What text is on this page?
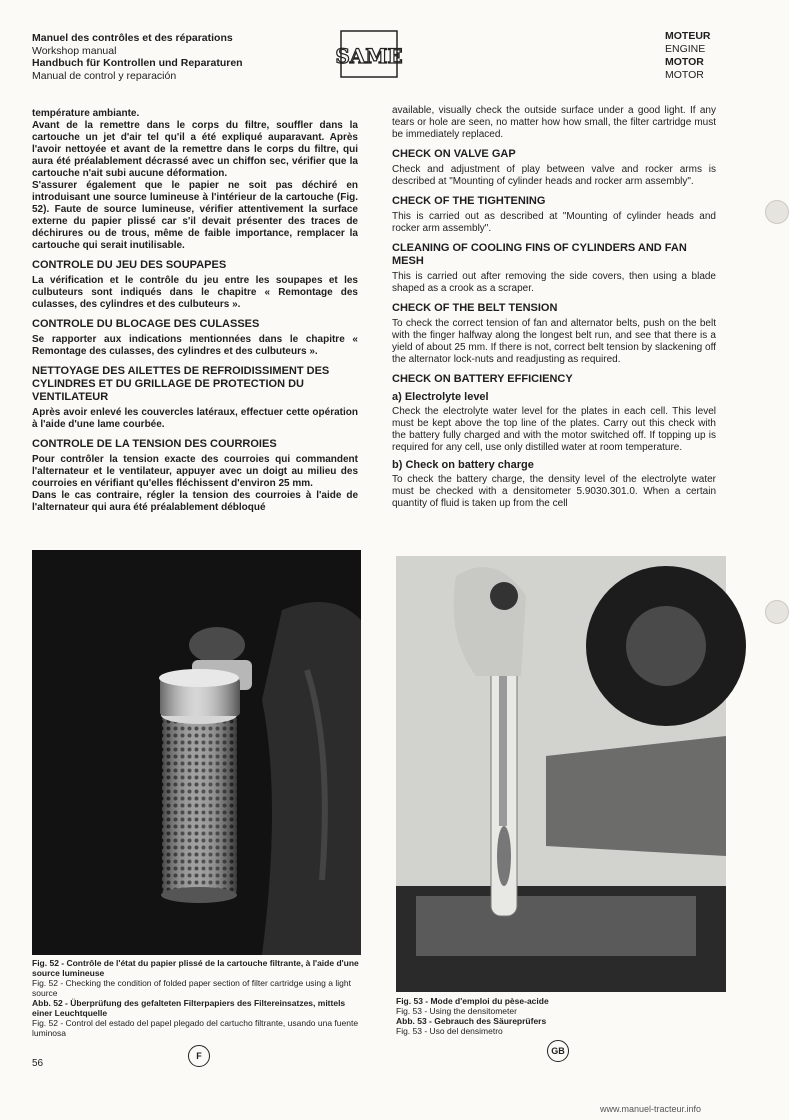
Manuel des contrôles et des réparations
Workshop manual
Handbuch für Kontrollen und Reparaturen
Manual de control y reparación
SAME
MOTEUR
ENGINE
MOTOR
MOTOR

température ambiante.

Avant de la remettre dans le corps du filtre, souffler dans la cartouche un jet d'air tel qu'il a été expliqué auparavant. Après l'avoir nettoyée et avant de la remettre dans le corps du filtre, qui aura été préalablement décrassé avec un chiffon sec, vérifier que la cartouche n'ait subi aucune déformation.

S'assurer également que le papier ne soit pas déchiré en introduisant une source lumineuse à l'intérieur de la cartouche (Fig. 52). Faute de source lumineuse, vérifier attentivement la surface externe du papier plissé car s'il devait présenter des traces de déchirures ou de trous, même de faible importance, remplacer la cartouche qui serait inutilisable.

CONTROLE DU JEU DES SOUPAPES

La vérification et le contrôle du jeu entre les soupapes et les culbuteurs sont indiqués dans le chapitre « Remontage des culasses, des cylindres et des culbuteurs ».

CONTROLE DU BLOCAGE DES CULASSES

Se rapporter aux indications mentionnées dans le chapitre « Remontage des culasses, des cylindres et des culbuteurs ».

NETTOYAGE DES AILETTES DE REFROIDISSIMENT DES CYLINDRES ET DU GRILLAGE DE PROTECTION DU VENTILATEUR

Après avoir enlevé les couvercles latéraux, effectuer cette opération à l'aide d'une lame courbée.

CONTROLE DE LA TENSION DES COURROIES

Pour contrôler la tension exacte des courroies qui commandent l'alternateur et le ventilateur, appuyer avec un doigt au milieu des courroies en vérifiant qu'elles fléchissent d'environ 25 mm.

Dans le cas contraire, régler la tension des courroies à l'aide de l'alternateur qui aura été préalablement débloqué

available, visually check the outside surface under a good light. If any tears or hole are seen, no matter how how small, the filter cartridge must be immediately replaced.

CHECK ON VALVE GAP

Check and adjustment of play between valve and rocker arms is described at "Mounting of cylinder heads and rocker arm assembly".

CHECK OF THE TIGHTENING

This is carried out as described at "Mounting of cylinder heads and rocker arm assembly".

CLEANING OF COOLING FINS OF CYLINDERS AND FAN MESH

This is carried out after removing the side covers, then using a blade shaped as a crook as a scraper.

CHECK OF THE BELT TENSION

To check the correct tension of fan and alternator belts, push on the belt with the finger halfway along the longest belt run, and see that there is a yield of about 25 mm. If there is not, correct belt tension by slackening off the alternator lock-nuts and readjusting as required.

CHECK ON BATTERY EFFICIENCY
a) Electrolyte level

Check the electrolyte water level for the plates in each cell. This level must be kept above the top line of the plates. Carry out this check with the battery fully charged and with the motor switched off. If topping up is required for any cell, use only distilled water at room temperature.

b) Check on battery charge

To check the battery charge, the density level of the electrolyte water must be checked with a densitometer 5.9030.301.0. When a certain quantity of fluid is taken up from the cell

Fig. 52 - Contrôle de l'état du papier plissé de la cartouche filtrante, à l'aide d'une source lumineuse
Fig. 52 - Checking the condition of folded paper section of filter cartridge using a light source
Abb. 52 - Überprüfung des gefalteten Filterpapiers des Filtereinsatzes, mittels einer Leuchtquelle
Fig. 52 - Control del estado del papel plegado del cartucho filtrante, usando una fuente luminosa
Fig. 53 - Mode d'emploi du pèse-acide
Fig. 53 - Using the densitometer
Abb. 53 - Gebrauch des Säureprüfers
Fig. 53 - Uso del densimetro
56
F	GB
www.manuel-tracteur.info
